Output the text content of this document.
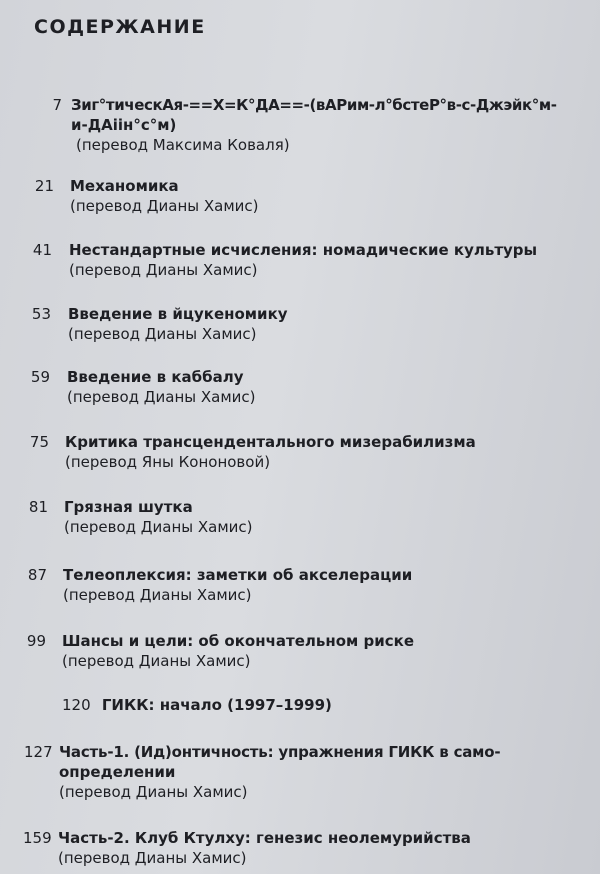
СОДЕРЖАНИЕ
7 Зиг°тическАя-==Х=К°ДА==-(вАРим-л°бстеР°в-с-Джэйк°м-
и-ДАiiн°с°м)
(перевод Максима Коваля)
21 Механомика
(перевод Дианы Хамис)
41 Нестандартные исчисления: номадические культуры
(перевод Дианы Хамис)
53 Введение в йцукеномику
(перевод Дианы Хамис)
59 Введение в каббалу
(перевод Дианы Хамис)
75 Критика трансцендентального мизерабилизма
(перевод Яны Кононовой)
81 Грязная шутка
(перевод Дианы Хамис)
87 Телеоплексия: заметки об акселерации
(перевод Дианы Хамис)
99 Шансы и цели: об окончательном риске
(перевод Дианы Хамис)
120 ГИКК: начало (1997–1999)
127 Часть-1. (Ид)онтичность: упражнения ГИКК в само-
определении
(перевод Дианы Хамис)
159 Часть-2. Клуб Ктулху: генезис неолемурийства
(перевод Дианы Хамис)
